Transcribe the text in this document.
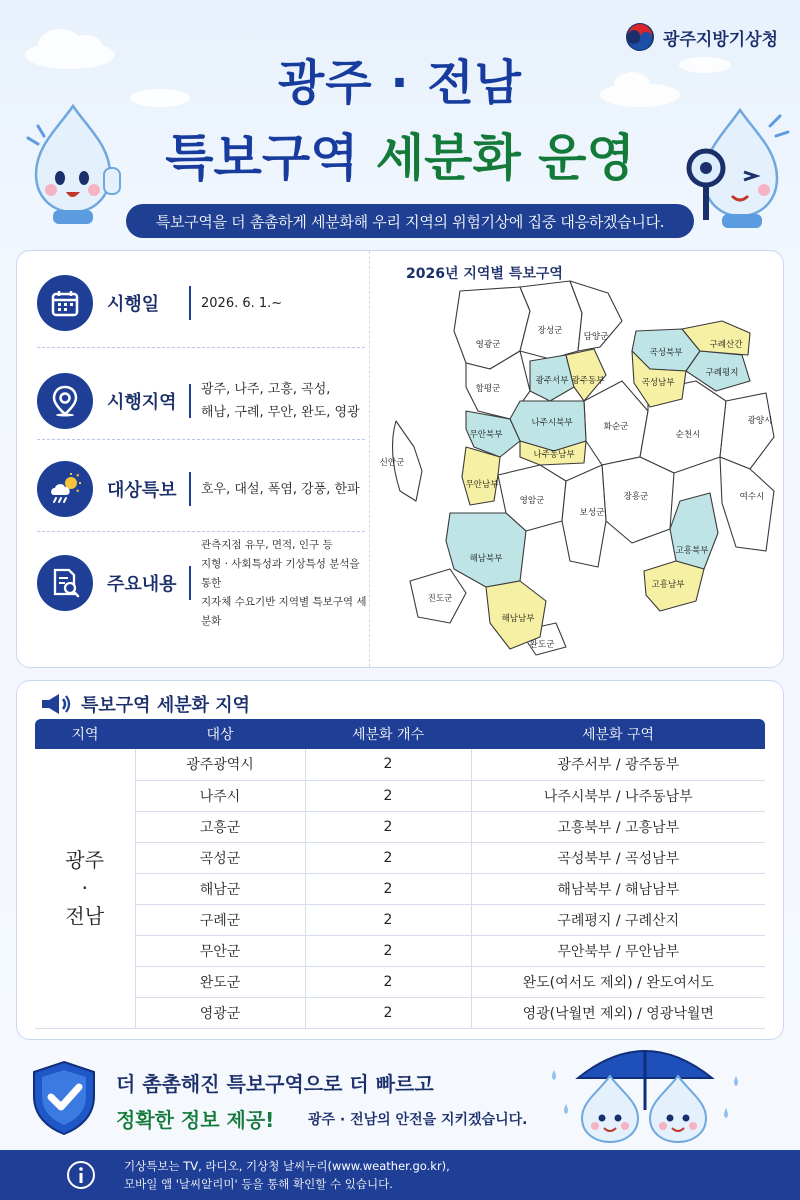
광주지방기상청
광주 · 전남
특보구역 세분화 운영
특보구역을 더 촘촘하게 세분화해 우리 지역의 위험기상에 집중 대응하겠습니다.
시행일	2026. 6. 1.~
시행지역
광주, 나주, 고흥, 곡성,
해남, 구례, 무안, 완도, 영광
대상특보	호우, 대설, 폭염, 강풍, 한파
주요내용
관측지점 유무, 면적, 인구 등
지형 · 사회특성과 기상특성 분석을 통한
지자체 수요기반 지역별 특보구역 세분화
2026년 지역별 특보구역
영광군
장성군
담양군
곡성북부
구례산간
광주서부 광주동부	곡성남부
구례평지
함평군
나주시북부	광양시
화순군
무안북부	순천시
신안군
나주동남부
무안남부
영암군	여수시
장흥군
보성군
해남북부
고흥북부
고흥남부
진도군
해남남부
완도군
특보구역 세분화 지역
지역	대상	세분화 개수	세분화 구역

광주
·
전남	광주광역시	2	광주서부 / 광주동부
	나주시	2	나주시북부 / 나주동남부
	고흥군	2	고흥북부 / 고흥남부
	곡성군	2	곡성북부 / 곡성남부
	해남군	2	해남북부 / 해남남부
	구례군	2	구례평지 / 구례산지
	무안군	2	무안북부 / 무안남부
	완도군	2	완도(여서도 제외) / 완도여서도
	영광군	2	영광(낙월면 제외) / 영광낙월면
더 촘촘해진 특보구역으로 더 빠르고
정확한 정보 제공! 광주 · 전남의 안전을 지키겠습니다.
기상특보는 TV, 라디오, 기상청 날씨누리(www.weather.go.kr),
모바일 앱 '날씨알리미' 등을 통해 확인할 수 있습니다.
